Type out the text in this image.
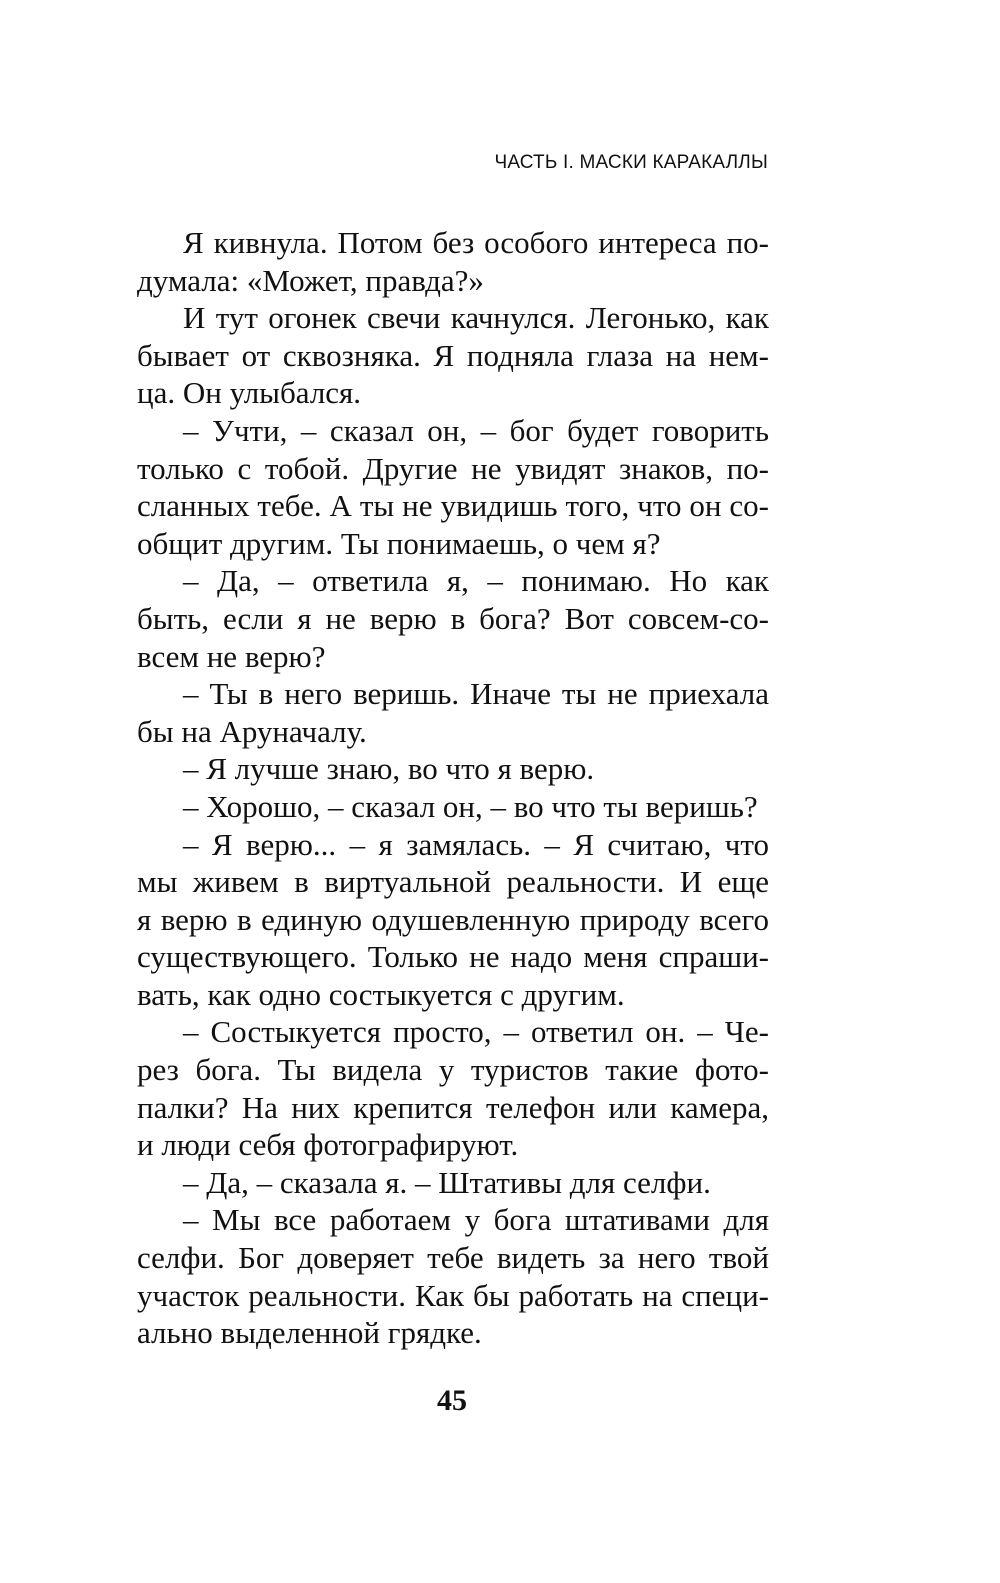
ЧАСТЬ I. МАСКИ КАРАКАЛЛЫ
Я кивнула. Потом без особого интереса по-
думала: «Может, правда?»
И тут огонек свечи качнулся. Легонько, как
бывает от сквозняка. Я подняла глаза на нем-
ца. Он улыбался.
– Учти, – сказал он, – бог будет говорить
только с тобой. Другие не увидят знаков, по-
сланных тебе. А ты не увидишь того, что он со-
общит другим. Ты понимаешь, о чем я?
– Да, – ответила я, – понимаю. Но как
быть, если я не верю в бога? Вот совсем-со-
всем не верю?
– Ты в него веришь. Иначе ты не приехала
бы на Аруначалу.
– Я лучше знаю, во что я верю.
– Хорошо, – сказал он, – во что ты веришь?
– Я верю... – я замялась. – Я считаю, что
мы живем в виртуальной реальности. И еще
я верю в единую одушевленную природу всего
существующего. Только не надо меня спраши-
вать, как одно состыкуется с другим.
– Состыкуется просто, – ответил он. – Че-
рез бога. Ты видела у туристов такие фото-
палки? На них крепится телефон или камера,
и люди себя фотографируют.
– Да, – сказала я. – Штативы для селфи.
– Мы все работаем у бога штативами для
селфи. Бог доверяет тебе видеть за него твой
участок реальности. Как бы работать на специ-
ально выделенной грядке.
45
